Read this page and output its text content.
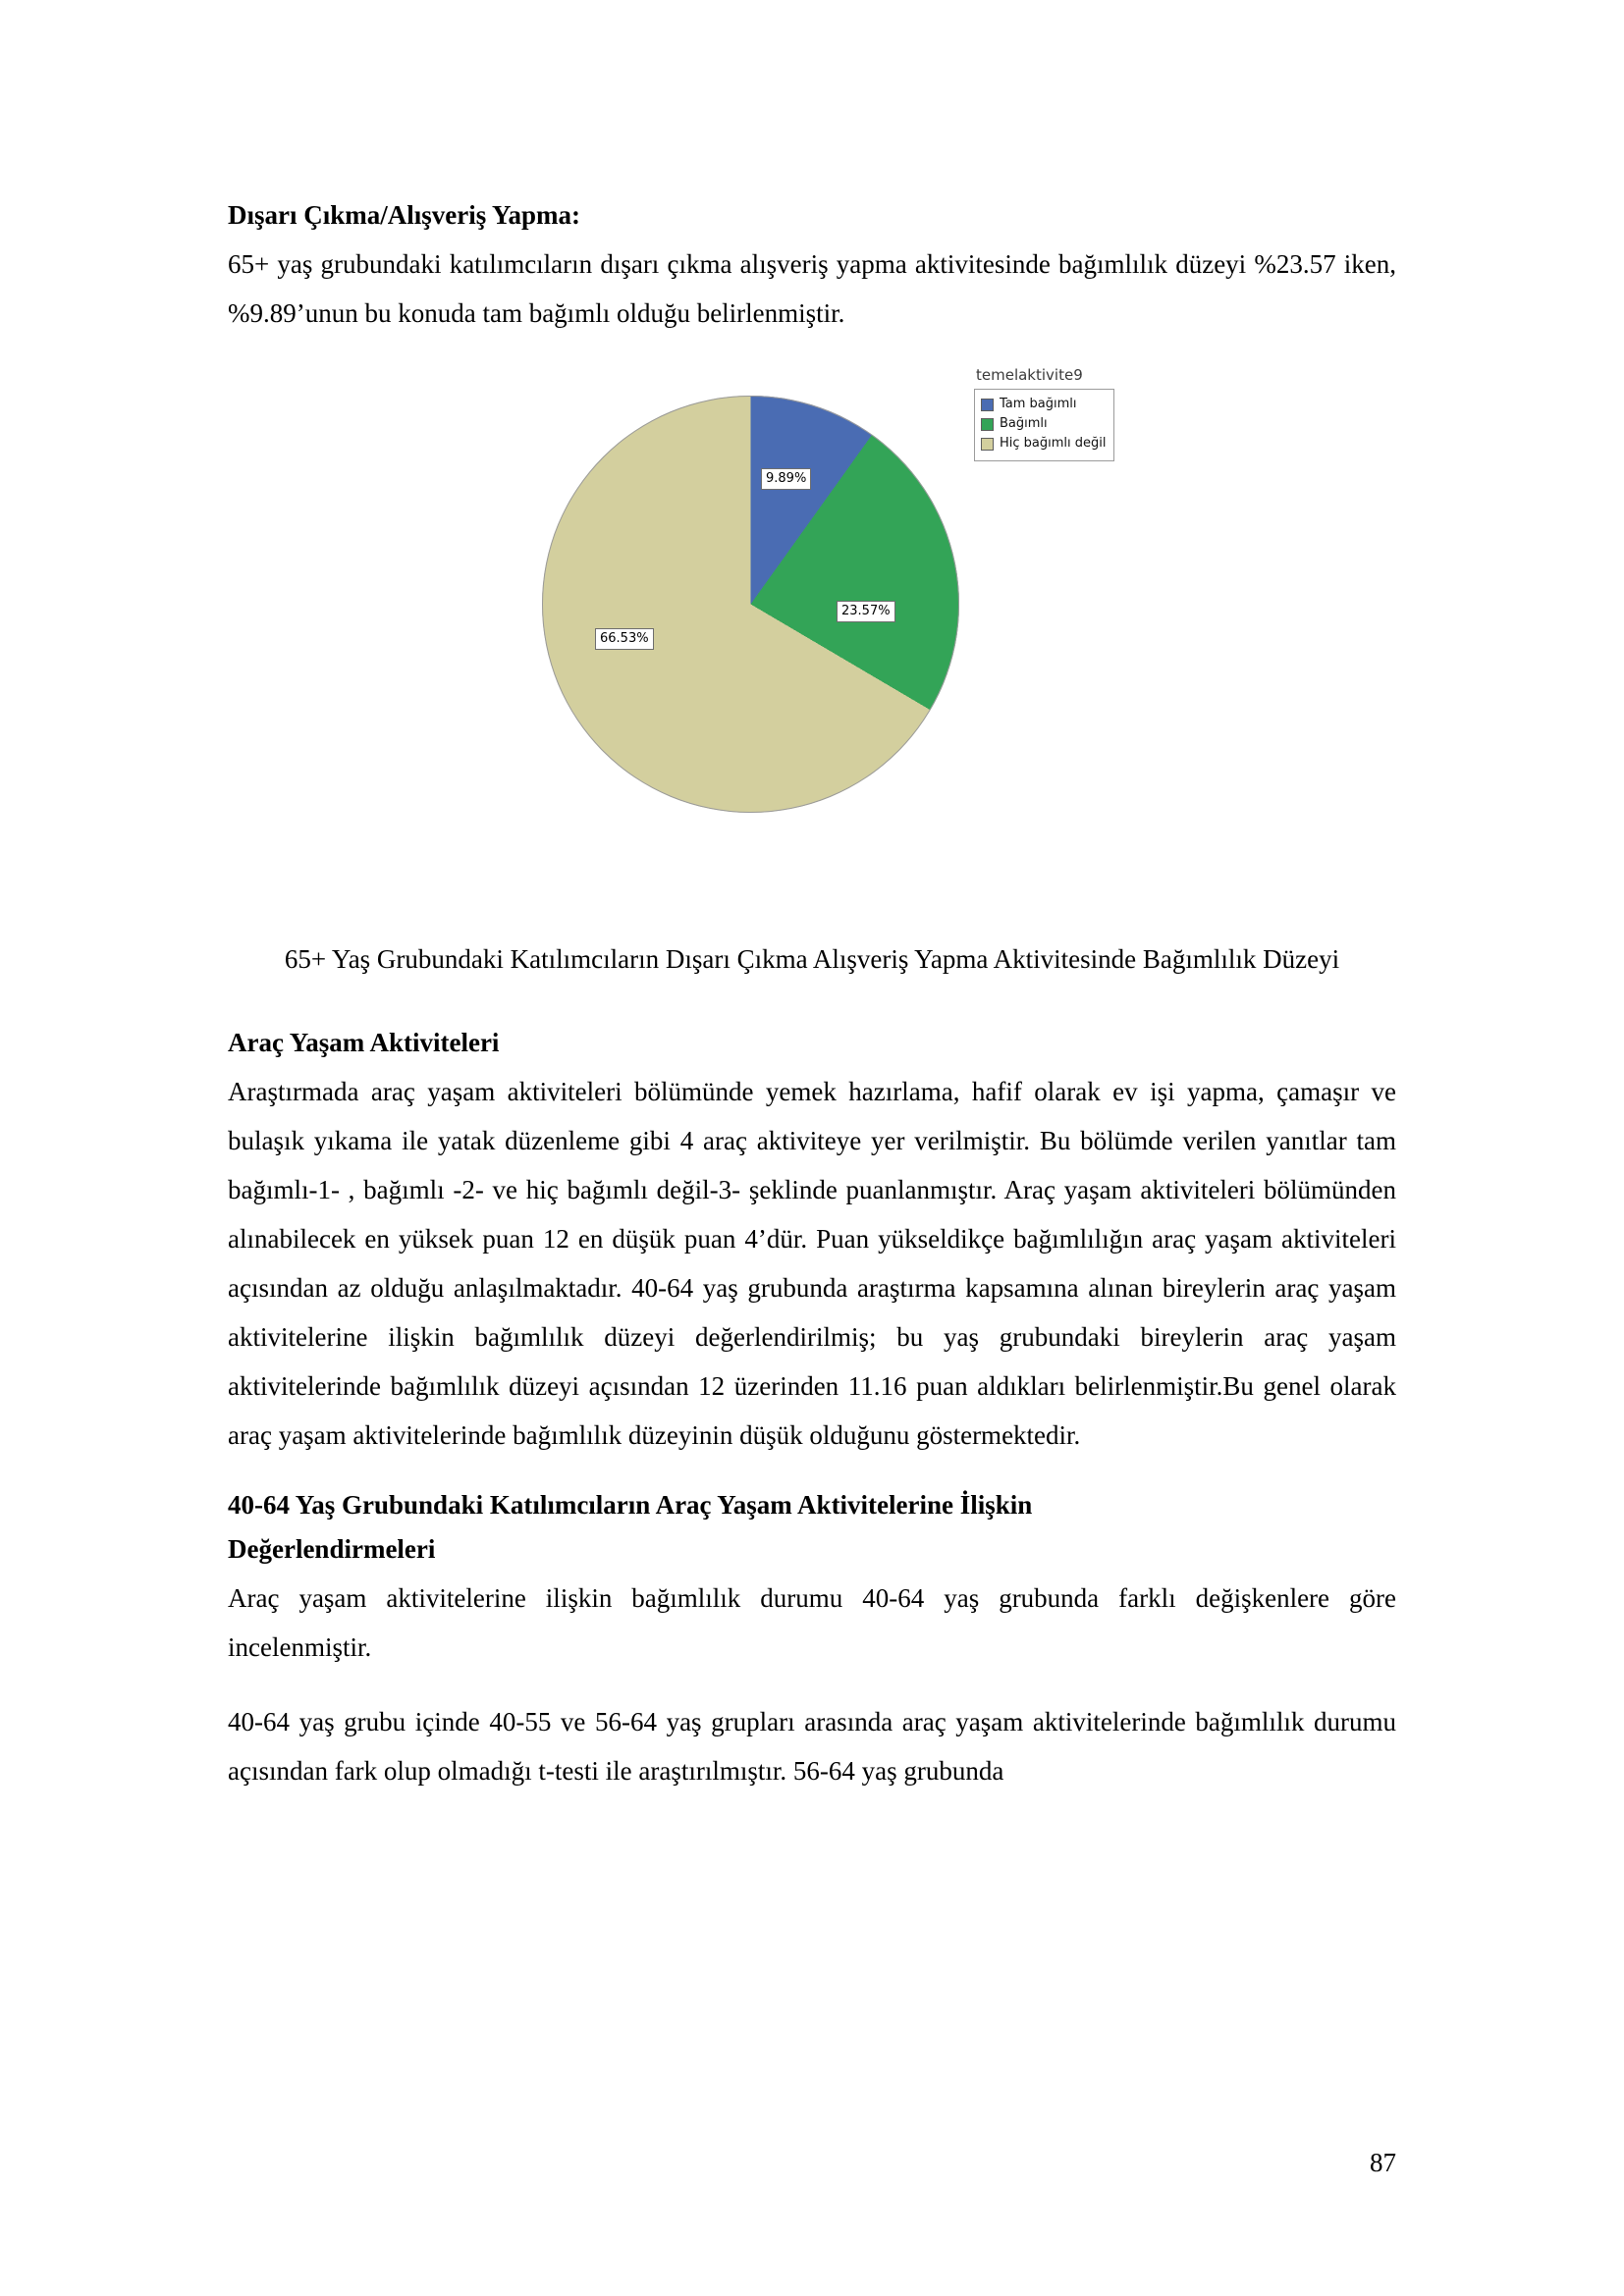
Dışarı Çıkma/Alışveriş Yapma:

65+ yaş grubundaki katılımcıların dışarı çıkma alışveriş yapma aktivitesinde bağımlılık düzeyi %23.57 iken, %9.89’unun bu konuda tam bağımlı olduğu belirlenmiştir.

9.89%
23.57%
66.53%
temelaktivite9
Tam bağımlı
Bağımlı
Hiç bağımlı değil
65+ Yaş Grubundaki Katılımcıların Dışarı Çıkma Alışveriş Yapma Aktivitesinde Bağımlılık Düzeyi
Araç Yaşam Aktiviteleri

Araştırmada araç yaşam aktiviteleri bölümünde yemek hazırlama, hafif olarak ev işi yapma, çamaşır ve bulaşık yıkama ile yatak düzenleme gibi 4 araç aktiviteye yer verilmiştir. Bu bölümde verilen yanıtlar tam bağımlı-1- , bağımlı -2- ve hiç bağımlı değil-3- şeklinde puanlanmıştır. Araç yaşam aktiviteleri bölümünden alınabilecek en yüksek puan 12 en düşük puan 4’dür. Puan yükseldikçe bağımlılığın araç yaşam aktiviteleri açısından az olduğu anlaşılmaktadır. 40-64 yaş grubunda araştırma kapsamına alınan bireylerin araç yaşam aktivitelerine ilişkin bağımlılık düzeyi değerlendirilmiş; bu yaş grubundaki bireylerin araç yaşam aktivitelerinde bağımlılık düzeyi açısından 12 üzerinden 11.16 puan aldıkları belirlenmiştir.Bu genel olarak araç yaşam aktivitelerinde bağımlılık düzeyinin düşük olduğunu göstermektedir.

40-64 Yaş Grubundaki Katılımcıların Araç Yaşam Aktivitelerine İlişkin
Değerlendirmeleri

Araç yaşam aktivitelerine ilişkin bağımlılık durumu 40-64 yaş grubunda farklı değişkenlere göre incelenmiştir.

40-64 yaş grubu içinde 40-55 ve 56-64 yaş grupları arasında araç yaşam aktivitelerinde bağımlılık durumu açısından fark olup olmadığı t-testi ile araştırılmıştır. 56-64 yaş grubunda

87
